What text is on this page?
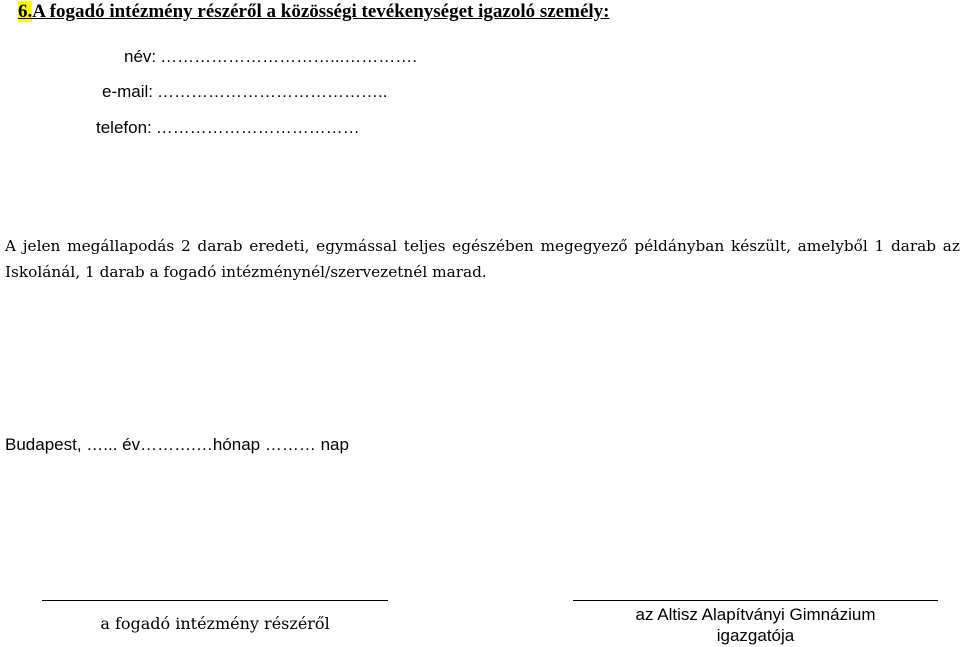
6.A fogadó intézmény részéről a közösségi tevékenységet igazoló személy:
név: …………………………...………….
e-mail: …………………………………..
telefon: ………………………………
A jelen megállapodás 2 darab eredeti, egymással teljes egészében megegyező példányban készült, amelyből 1 darab az Iskolánál, 1 darab a fogadó intézménynél/szervezetnél marad.
Budapest, …... év……….…hónap ……… nap
a fogadó intézmény részéről	az Altisz Alapítványi Gimnázium
igazgatója
